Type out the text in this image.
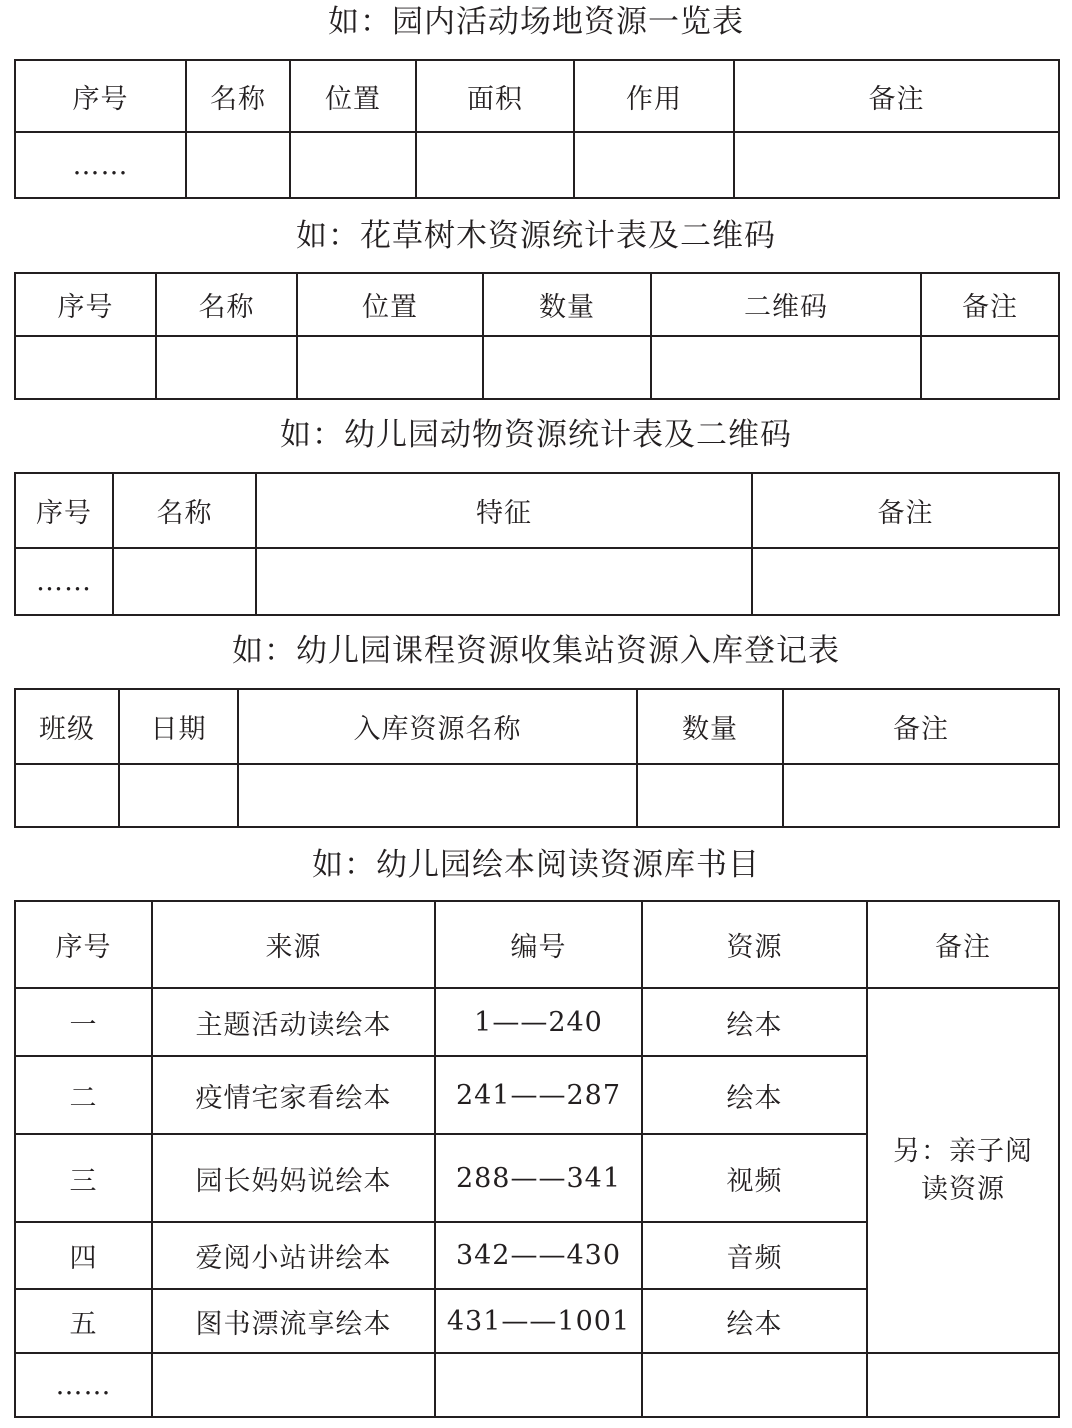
如：园内活动场地资源一览表
序号	名称	位置	面积	作用	备注
……					
如：花草树木资源统计表及二维码
序号	名称	位置	数量	二维码	备注

如：幼儿园动物资源统计表及二维码
序号	名称	特征	备注
……			
如：幼儿园课程资源收集站资源入库登记表
班级	日期	入库资源名称	数量	备注

如：幼儿园绘本阅读资源库书目
序号	来源	编号	资源	备注
一	主题活动读绘本	1——240	绘本	另：亲子阅
读资源

二	疫情宅家看绘本	241——287	绘本	
三	园长妈妈说绘本	288——341	视频	
四	爱阅小站讲绘本	342——430	音频	
五	图书漂流享绘本	431——1001	绘本	
……				
